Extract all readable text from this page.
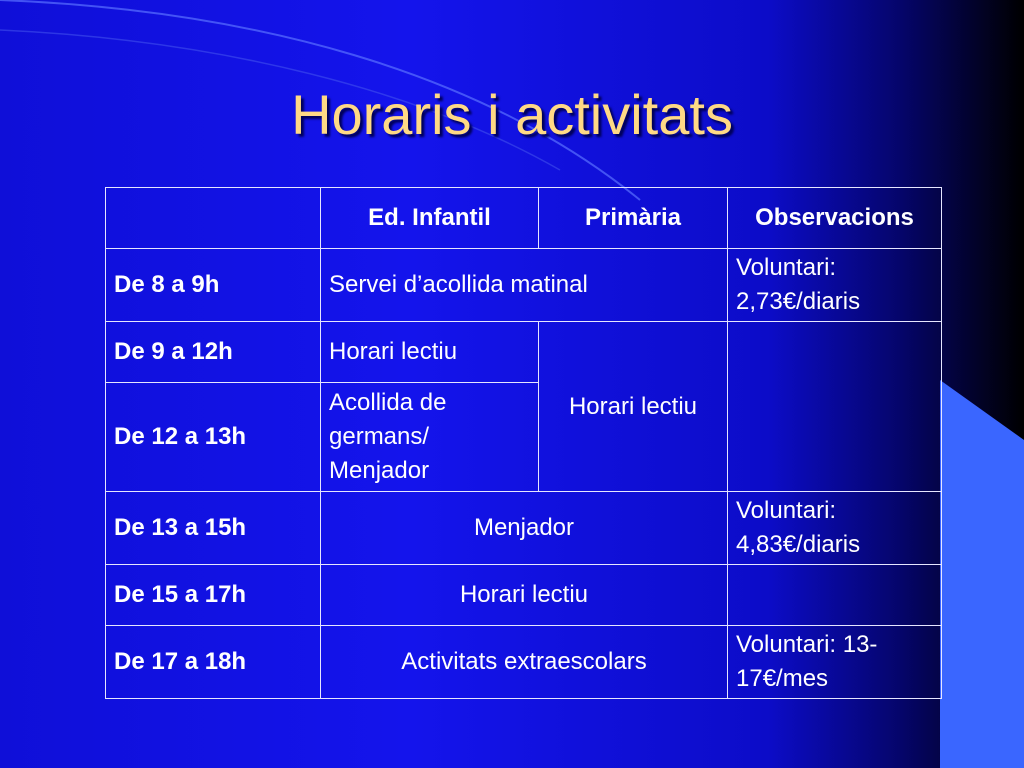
Horaris i activitats
	Ed. Infantil	Primària	Observacions
De 8 a 9h	Servei d’acollida matinal		Voluntari: 2,73€/diaris
De 9 a 12h	Horari lectiu	Horari lectiu	
De 12 a 13h	Acollida de germans/ Menjador		
De 13 a 15h	Menjador		Voluntari: 4,83€/diaris
De 15 a 17h	Horari lectiu		
De 17 a 18h	Activitats extraescolars		Voluntari: 13-17€/mes
